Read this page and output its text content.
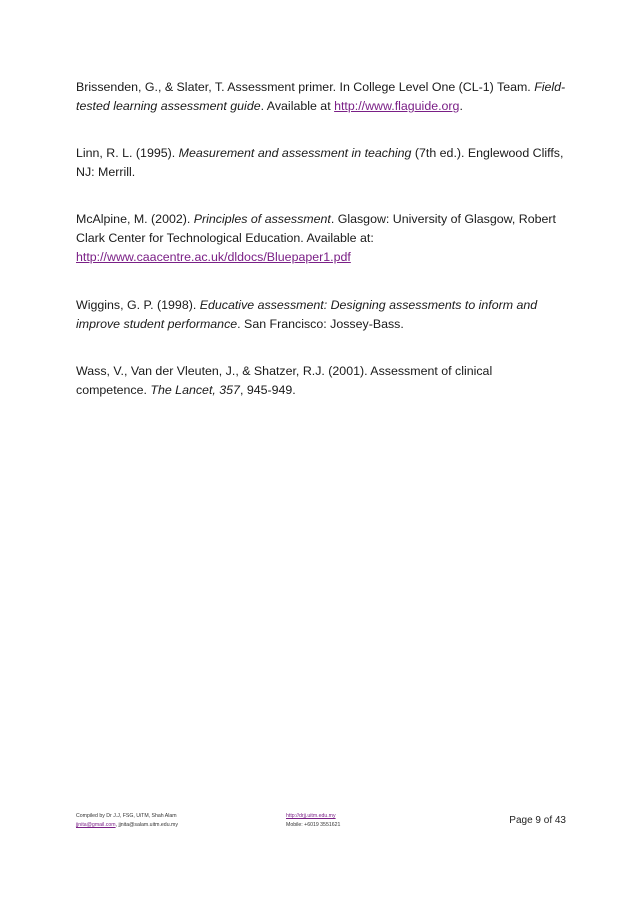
Brissenden, G., & Slater, T. Assessment primer. In College Level One (CL-1) Team. Field-tested learning assessment guide. Available at http://www.flaguide.org.

Linn, R. L. (1995). Measurement and assessment in teaching (7th ed.). Englewood Cliffs, NJ: Merrill.

McAlpine, M. (2002). Principles of assessment. Glasgow: University of Glasgow, Robert Clark Center for Technological Education. Available at: http://www.caacentre.ac.uk/dldocs/Bluepaper1.pdf

Wiggins, G. P. (1998). Educative assessment: Designing assessments to inform and improve student performance. San Francisco: Jossey-Bass.

Wass, V., Van der Vleuten, J., & Shatzer, R.J. (2001). Assessment of clinical competence. The Lancet, 357, 945-949.

Compiled by Dr J.J, FSG, UiTM, Shah Alam
jjnita@gmail.com, jjnita@salam.uitm.edu.my
http://drjj.uitm.edu.my
Mobile: +6019 3551621	Page 9 of 43
